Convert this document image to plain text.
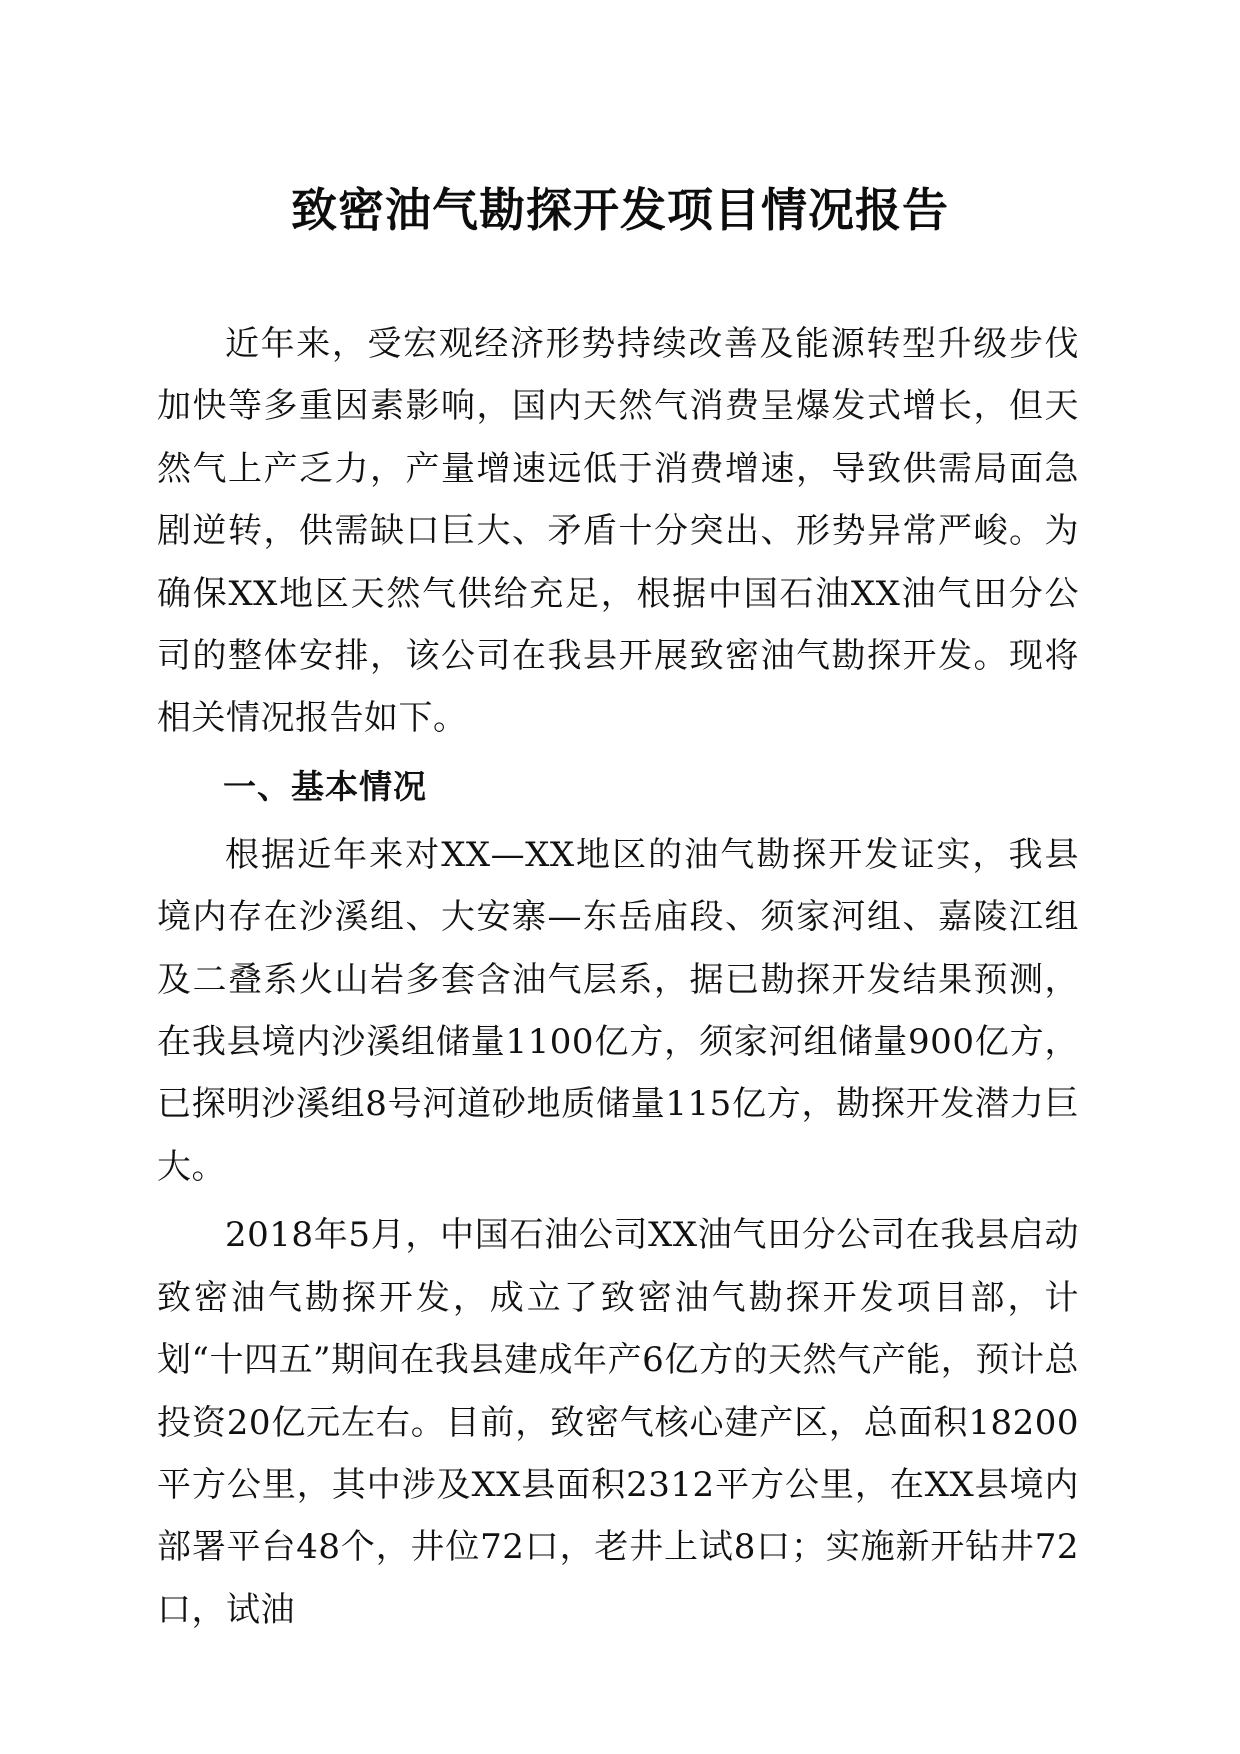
致密油气勘探开发项目情况报告

近年来，受宏观经济形势持续改善及能源转型升级步伐加快等多重因素影响，国内天然气消费呈爆发式增长，但天然气上产乏力，产量增速远低于消费增速，导致供需局面急剧逆转，供需缺口巨大、矛盾十分突出、形势异常严峻。为确保XX地区天然气供给充足，根据中国石油XX油气田分公司的整体安排，该公司在我县开展致密油气勘探开发。现将相关情况报告如下。

一、基本情况

根据近年来对XX—XX地区的油气勘探开发证实，我县境内存在沙溪组、大安寨—东岳庙段、须家河组、嘉陵江组及二叠系火山岩多套含油气层系，据已勘探开发结果预测，在我县境内沙溪组储量1100亿方，须家河组储量900亿方，已探明沙溪组8号河道砂地质储量115亿方，勘探开发潜力巨大。

2018年5月，中国石油公司XX油气田分公司在我县启动致密油气勘探开发，成立了致密油气勘探开发项目部，计划“十四五”期间在我县建成年产6亿方的天然气产能，预计总投资20亿元左右。目前，致密气核心建产区，总面积18200平方公里，其中涉及XX县面积2312平方公里，在XX县境内部署平台48个，井位72口，老井上试8口；实施新开钻井72口，试油
